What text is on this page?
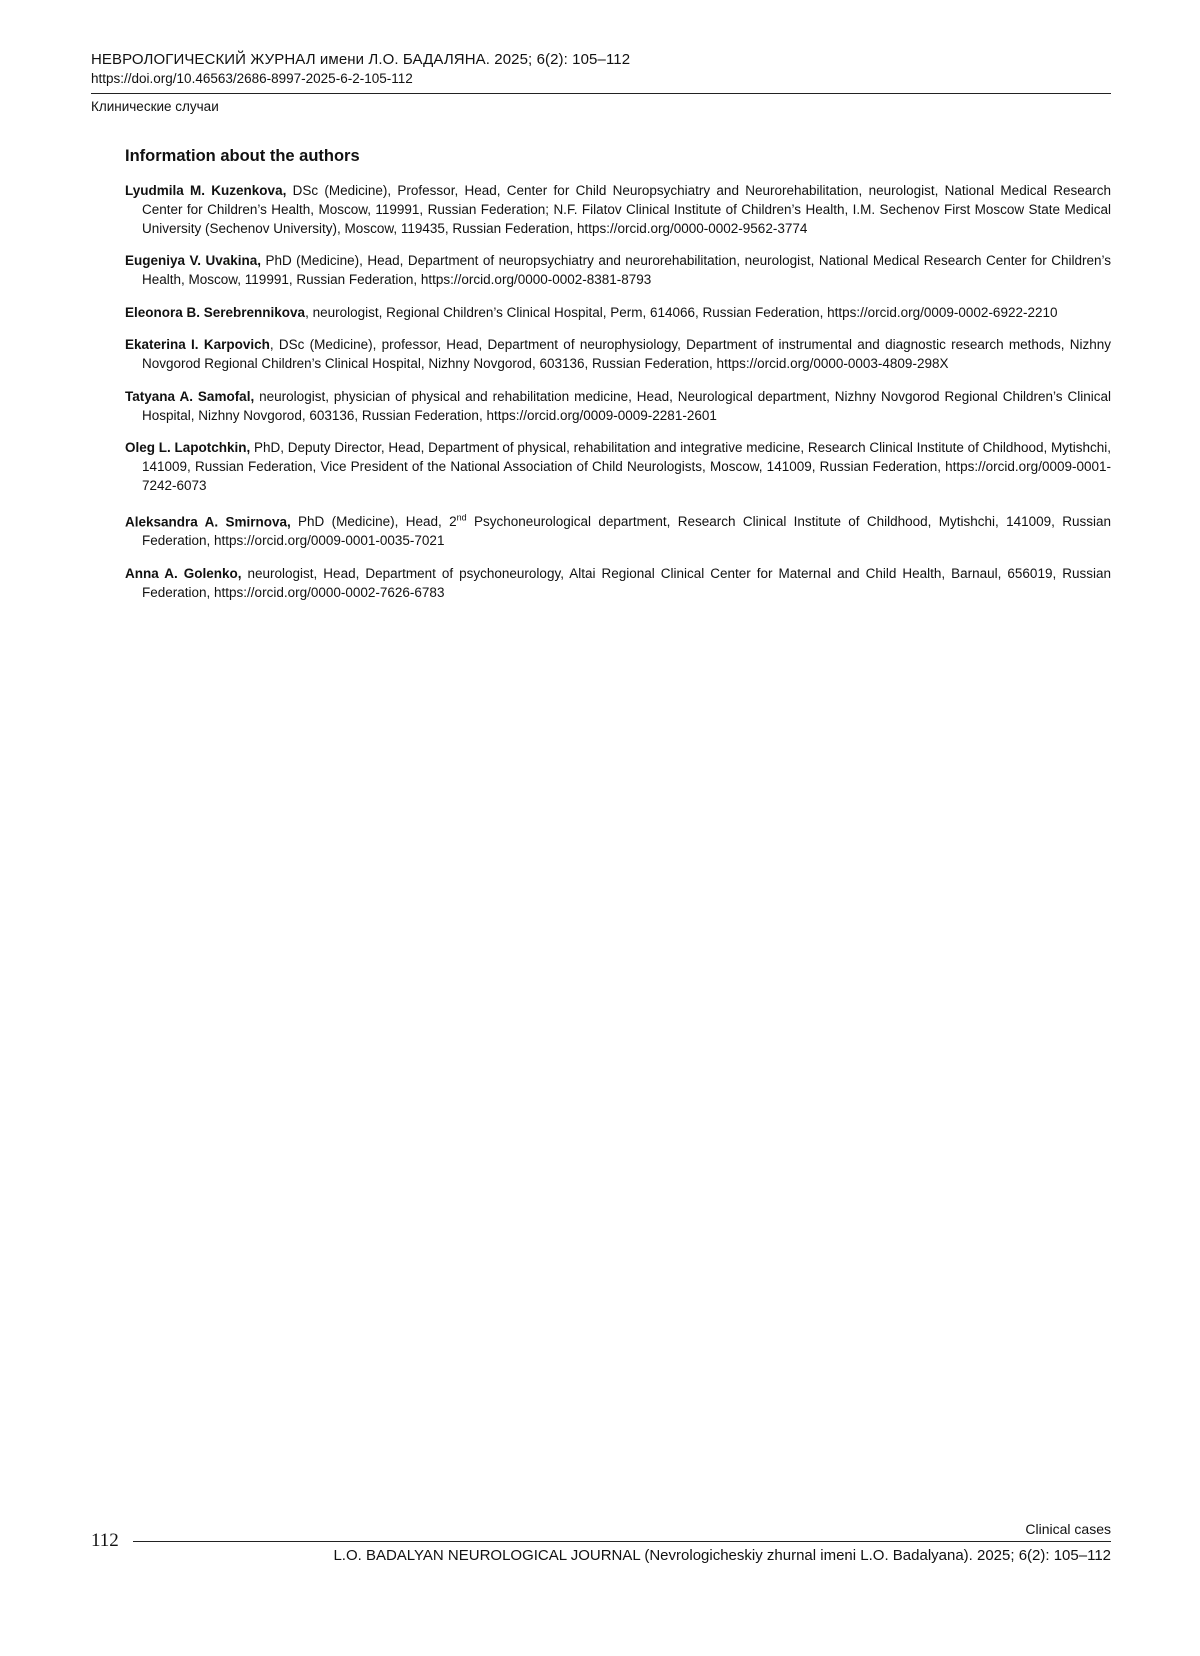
НЕВРОЛОГИЧЕСКИЙ ЖУРНАЛ имени Л.О. БАДАЛЯНА. 2025; 6(2): 105–112
https://doi.org/10.46563/2686-8997-2025-6-2-105-112
Клинические случаи
Information about the authors

Lyudmila M. Kuzenkova, DSc (Medicine), Professor, Head, Center for Child Neuropsychiatry and Neurorehabilitation, neurologist, National Medical Research Center for Children’s Health, Moscow, 119991, Russian Federation; N.F. Filatov Clinical Institute of Children’s Health, I.M. Sechenov First Moscow State Medical University (Sechenov University), Moscow, 119435, Russian Federation, https://orcid.org/0000-0002-9562-3774

Eugeniya V. Uvakina, PhD (Medicine), Head, Department of neuropsychiatry and neurorehabilitation, neurologist, National Medical Research Center for Children’s Health, Moscow, 119991, Russian Federation, https://orcid.org/0000-0002-8381-8793

Eleonora B. Serebrennikova, neurologist, Regional Children’s Clinical Hospital, Perm, 614066, Russian Federation, https://orcid.org/0009-0002-6922-2210

Ekaterina I. Karpovich, DSc (Medicine), professor, Head, Department of neurophysiology, Department of instrumental and diagnostic research methods, Nizhny Novgorod Regional Children’s Clinical Hospital, Nizhny Novgorod, 603136, Russian Federation, https://orcid.org/0000-0003-4809-298X

Tatyana A. Samofal, neurologist, physician of physical and rehabilitation medicine, Head, Neurological department, Nizhny Novgorod Regional Children’s Clinical Hospital, Nizhny Novgorod, 603136, Russian Federation, https://orcid.org/0009-0009-2281-2601

Oleg L. Lapotchkin, PhD, Deputy Director, Head, Department of physical, rehabilitation and integrative medicine, Research Clinical Institute of Childhood, Mytishchi, 141009, Russian Federation, Vice President of the National Association of Child Neurologists, Moscow, 141009, Russian Federation, https://orcid.org/0009-0001-7242-6073

Aleksandra A. Smirnova, PhD (Medicine), Head, 2nd Psychoneurological department, Research Clinical Institute of Childhood, Mytishchi, 141009, Russian Federation, https://orcid.org/0009-0001-0035-7021

Anna A. Golenko, neurologist, Head, Department of psychoneurology, Altai Regional Clinical Center for Maternal and Child Health, Barnaul, 656019, Russian Federation, https://orcid.org/0000-0002-7626-6783

112
Clinical cases
L.O. BADALYAN NEUROLOGICAL JOURNAL (Nevrologicheskiy zhurnal imeni L.O. Badalyana). 2025; 6(2): 105–112
